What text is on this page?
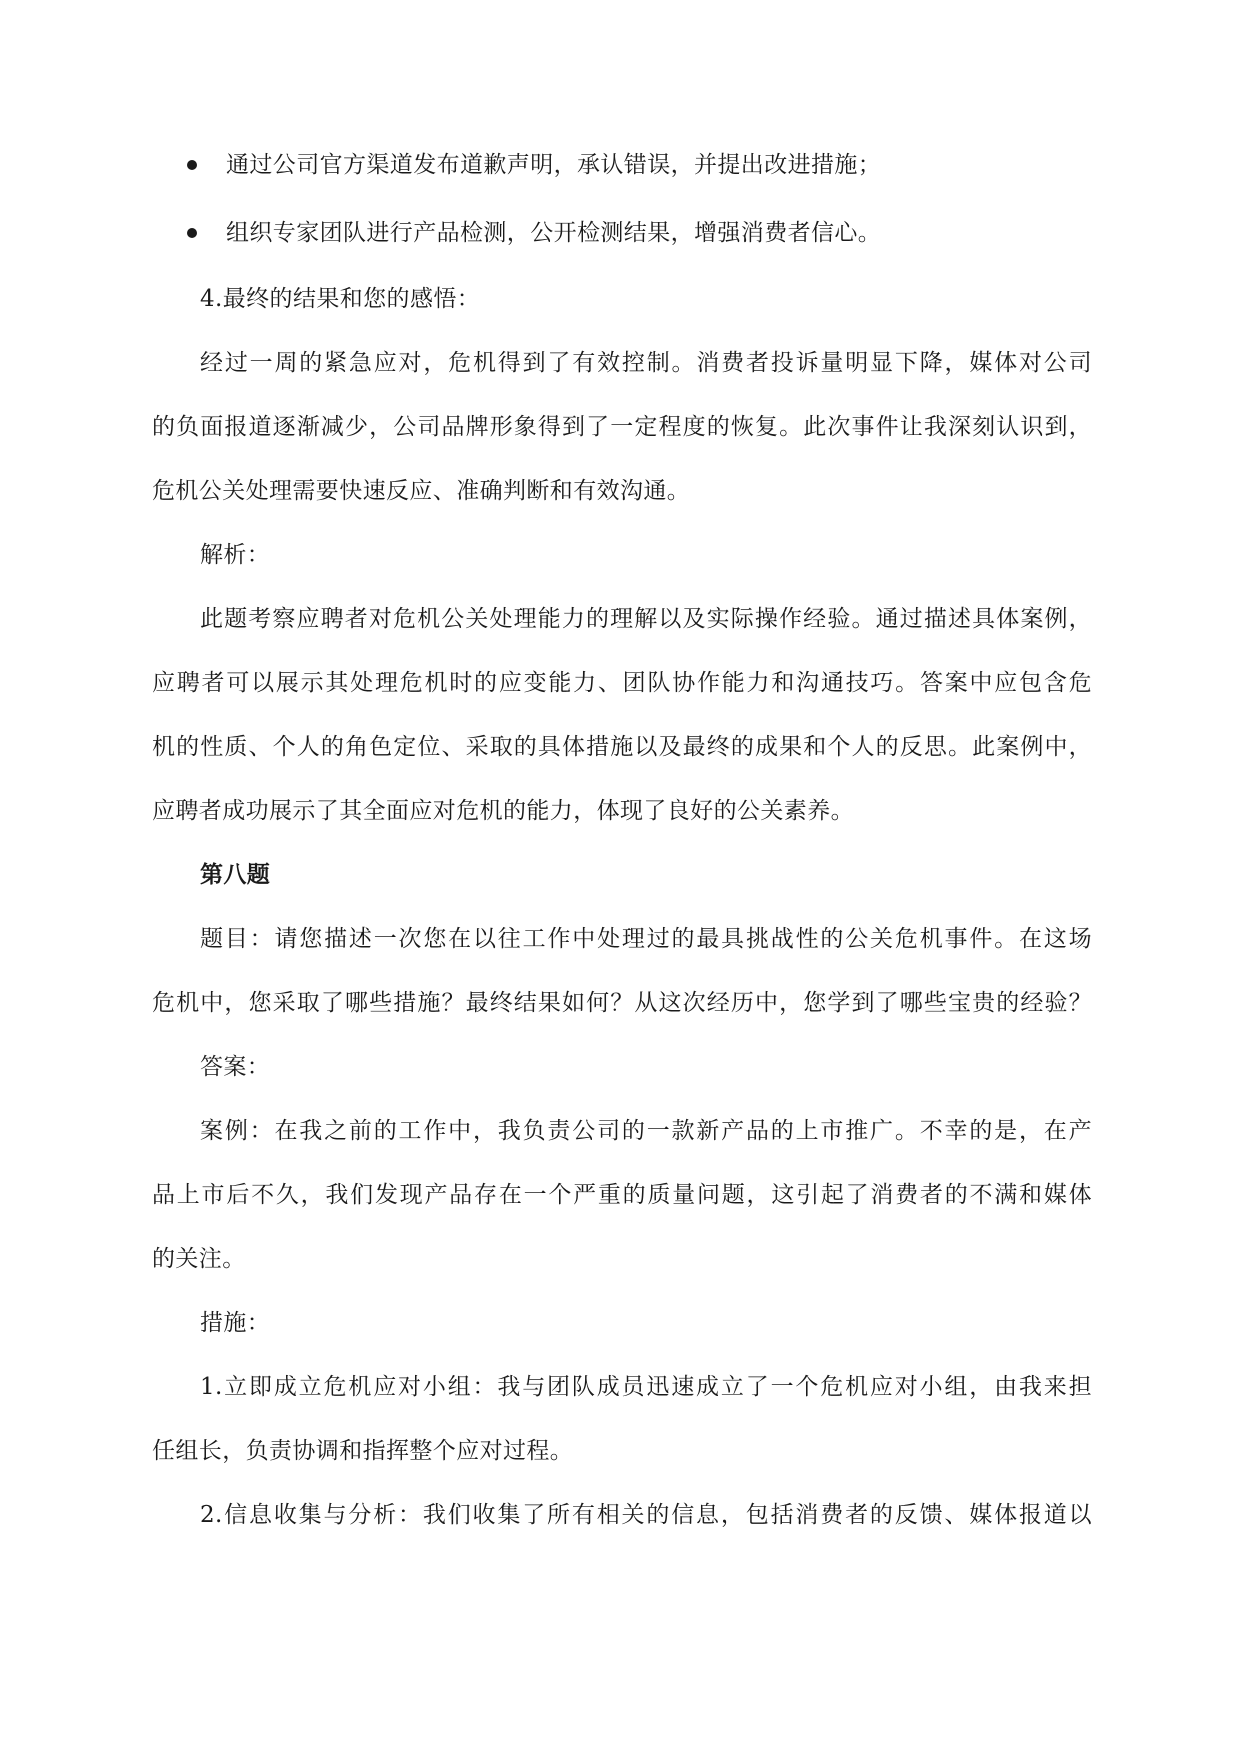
通过公司官方渠道发布道歉声明，承认错误，并提出改进措施；
组织专家团队进行产品检测，公开检测结果，增强消费者信心。
4.最终的结果和您的感悟：
经过一周的紧急应对，危机得到了有效控制。消费者投诉量明显下降，媒体对公司
的负面报道逐渐减少，公司品牌形象得到了一定程度的恢复。此次事件让我深刻认识到，
危机公关处理需要快速反应、准确判断和有效沟通。
解析：
此题考察应聘者对危机公关处理能力的理解以及实际操作经验。通过描述具体案例，
应聘者可以展示其处理危机时的应变能力、团队协作能力和沟通技巧。答案中应包含危
机的性质、个人的角色定位、采取的具体措施以及最终的成果和个人的反思。此案例中，
应聘者成功展示了其全面应对危机的能力，体现了良好的公关素养。
第八题
题目：请您描述一次您在以往工作中处理过的最具挑战性的公关危机事件。在这场
危机中，您采取了哪些措施？最终结果如何？从这次经历中，您学到了哪些宝贵的经验？
答案：
案例：在我之前的工作中，我负责公司的一款新产品的上市推广。不幸的是，在产
品上市后不久，我们发现产品存在一个严重的质量问题，这引起了消费者的不满和媒体
的关注。
措施：
1.立即成立危机应对小组：我与团队成员迅速成立了一个危机应对小组，由我来担
任组长，负责协调和指挥整个应对过程。
2.信息收集与分析：我们收集了所有相关的信息，包括消费者的反馈、媒体报道以
